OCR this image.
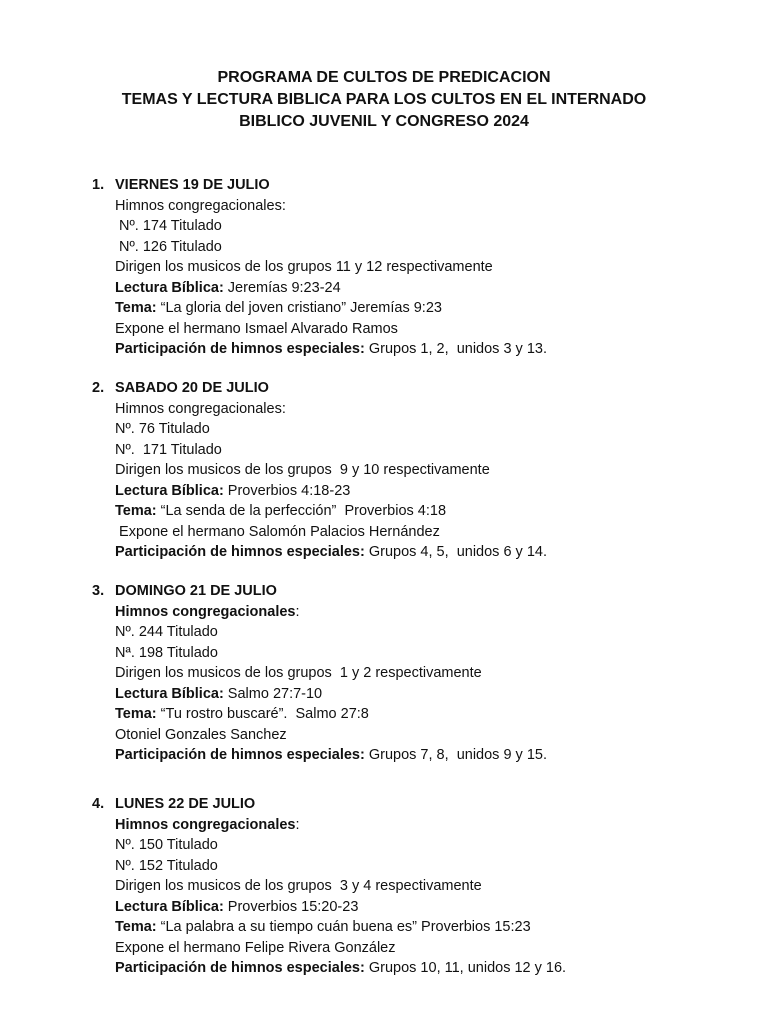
PROGRAMA DE CULTOS DE PREDICACION
TEMAS Y LECTURA BIBLICA PARA LOS CULTOS EN EL INTERNADO
BIBLICO JUVENIL Y CONGRESO 2024
1. VIERNES 19 DE JULIO
Himnos congregacionales:
Nº. 174 Titulado
Nº. 126 Titulado
Dirigen los musicos de los grupos 11 y 12 respectivamente
Lectura Bíblica: Jeremías 9:23-24
Tema: “La gloria del joven cristiano” Jeremías 9:23
Expone el hermano Ismael Alvarado Ramos
Participación de himnos especiales: Grupos 1, 2,  unidos 3 y 13.
2. SABADO 20 DE JULIO
Himnos congregacionales:
Nº. 76 Titulado
Nº.  171 Titulado
Dirigen los musicos de los grupos  9 y 10 respectivamente
Lectura Bíblica: Proverbios 4:18-23
Tema: “La senda de la perfección”  Proverbios 4:18
Expone el hermano Salomón Palacios Hernández
Participación de himnos especiales: Grupos 4, 5,  unidos 6 y 14.
3. DOMINGO 21 DE JULIO
Himnos congregacionales:
Nº. 244 Titulado
Nª. 198 Titulado
Dirigen los musicos de los grupos  1 y 2 respectivamente
Lectura Bíblica: Salmo 27:7-10
Tema: “Tu rostro buscaré”.  Salmo 27:8
Otoniel Gonzales Sanchez
Participación de himnos especiales: Grupos 7, 8,  unidos 9 y 15.
4. LUNES 22 DE JULIO
Himnos congregacionales:
Nº. 150 Titulado
Nº. 152 Titulado
Dirigen los musicos de los grupos  3 y 4 respectivamente
Lectura Bíblica: Proverbios 15:20-23
Tema: “La palabra a su tiempo cuán buena es” Proverbios 15:23
Expone el hermano Felipe Rivera González
Participación de himnos especiales: Grupos 10, 11, unidos 12 y 16.
